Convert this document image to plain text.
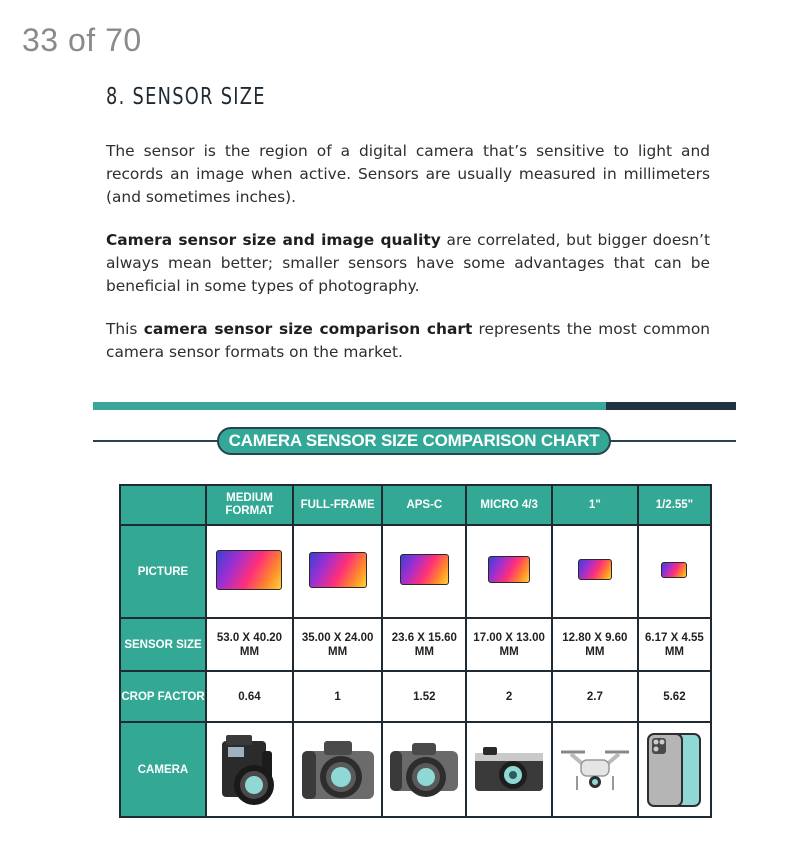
33 of 70
8. SENSOR SIZE

The sensor is the region of a digital camera that’s sensitive to light and records an image when active. Sensors are usually measured in millimeters (and sometimes inches).

Camera sensor size and image quality are correlated, but bigger doesn’t always mean better; smaller sensors have some advantages that can be beneficial in some types of photography.

This camera sensor size comparison chart represents the most common camera sensor formats on the market.

CAMERA SENSOR SIZE COMPARISON CHART
	MEDIUM FORMAT	FULL-FRAME	APS-C	MICRO 4/3	1"	1/2.55"
PICTURE						
SENSOR SIZE	53.0 X 40.20 MM	35.00 X 24.00 MM	23.6 X 15.60 MM	17.00 X 13.00 MM	12.80 X 9.60 MM	6.17 X 4.55 MM
CROP FACTOR	0.64	1	1.52	2	2.7	5.62
CAMERA	
